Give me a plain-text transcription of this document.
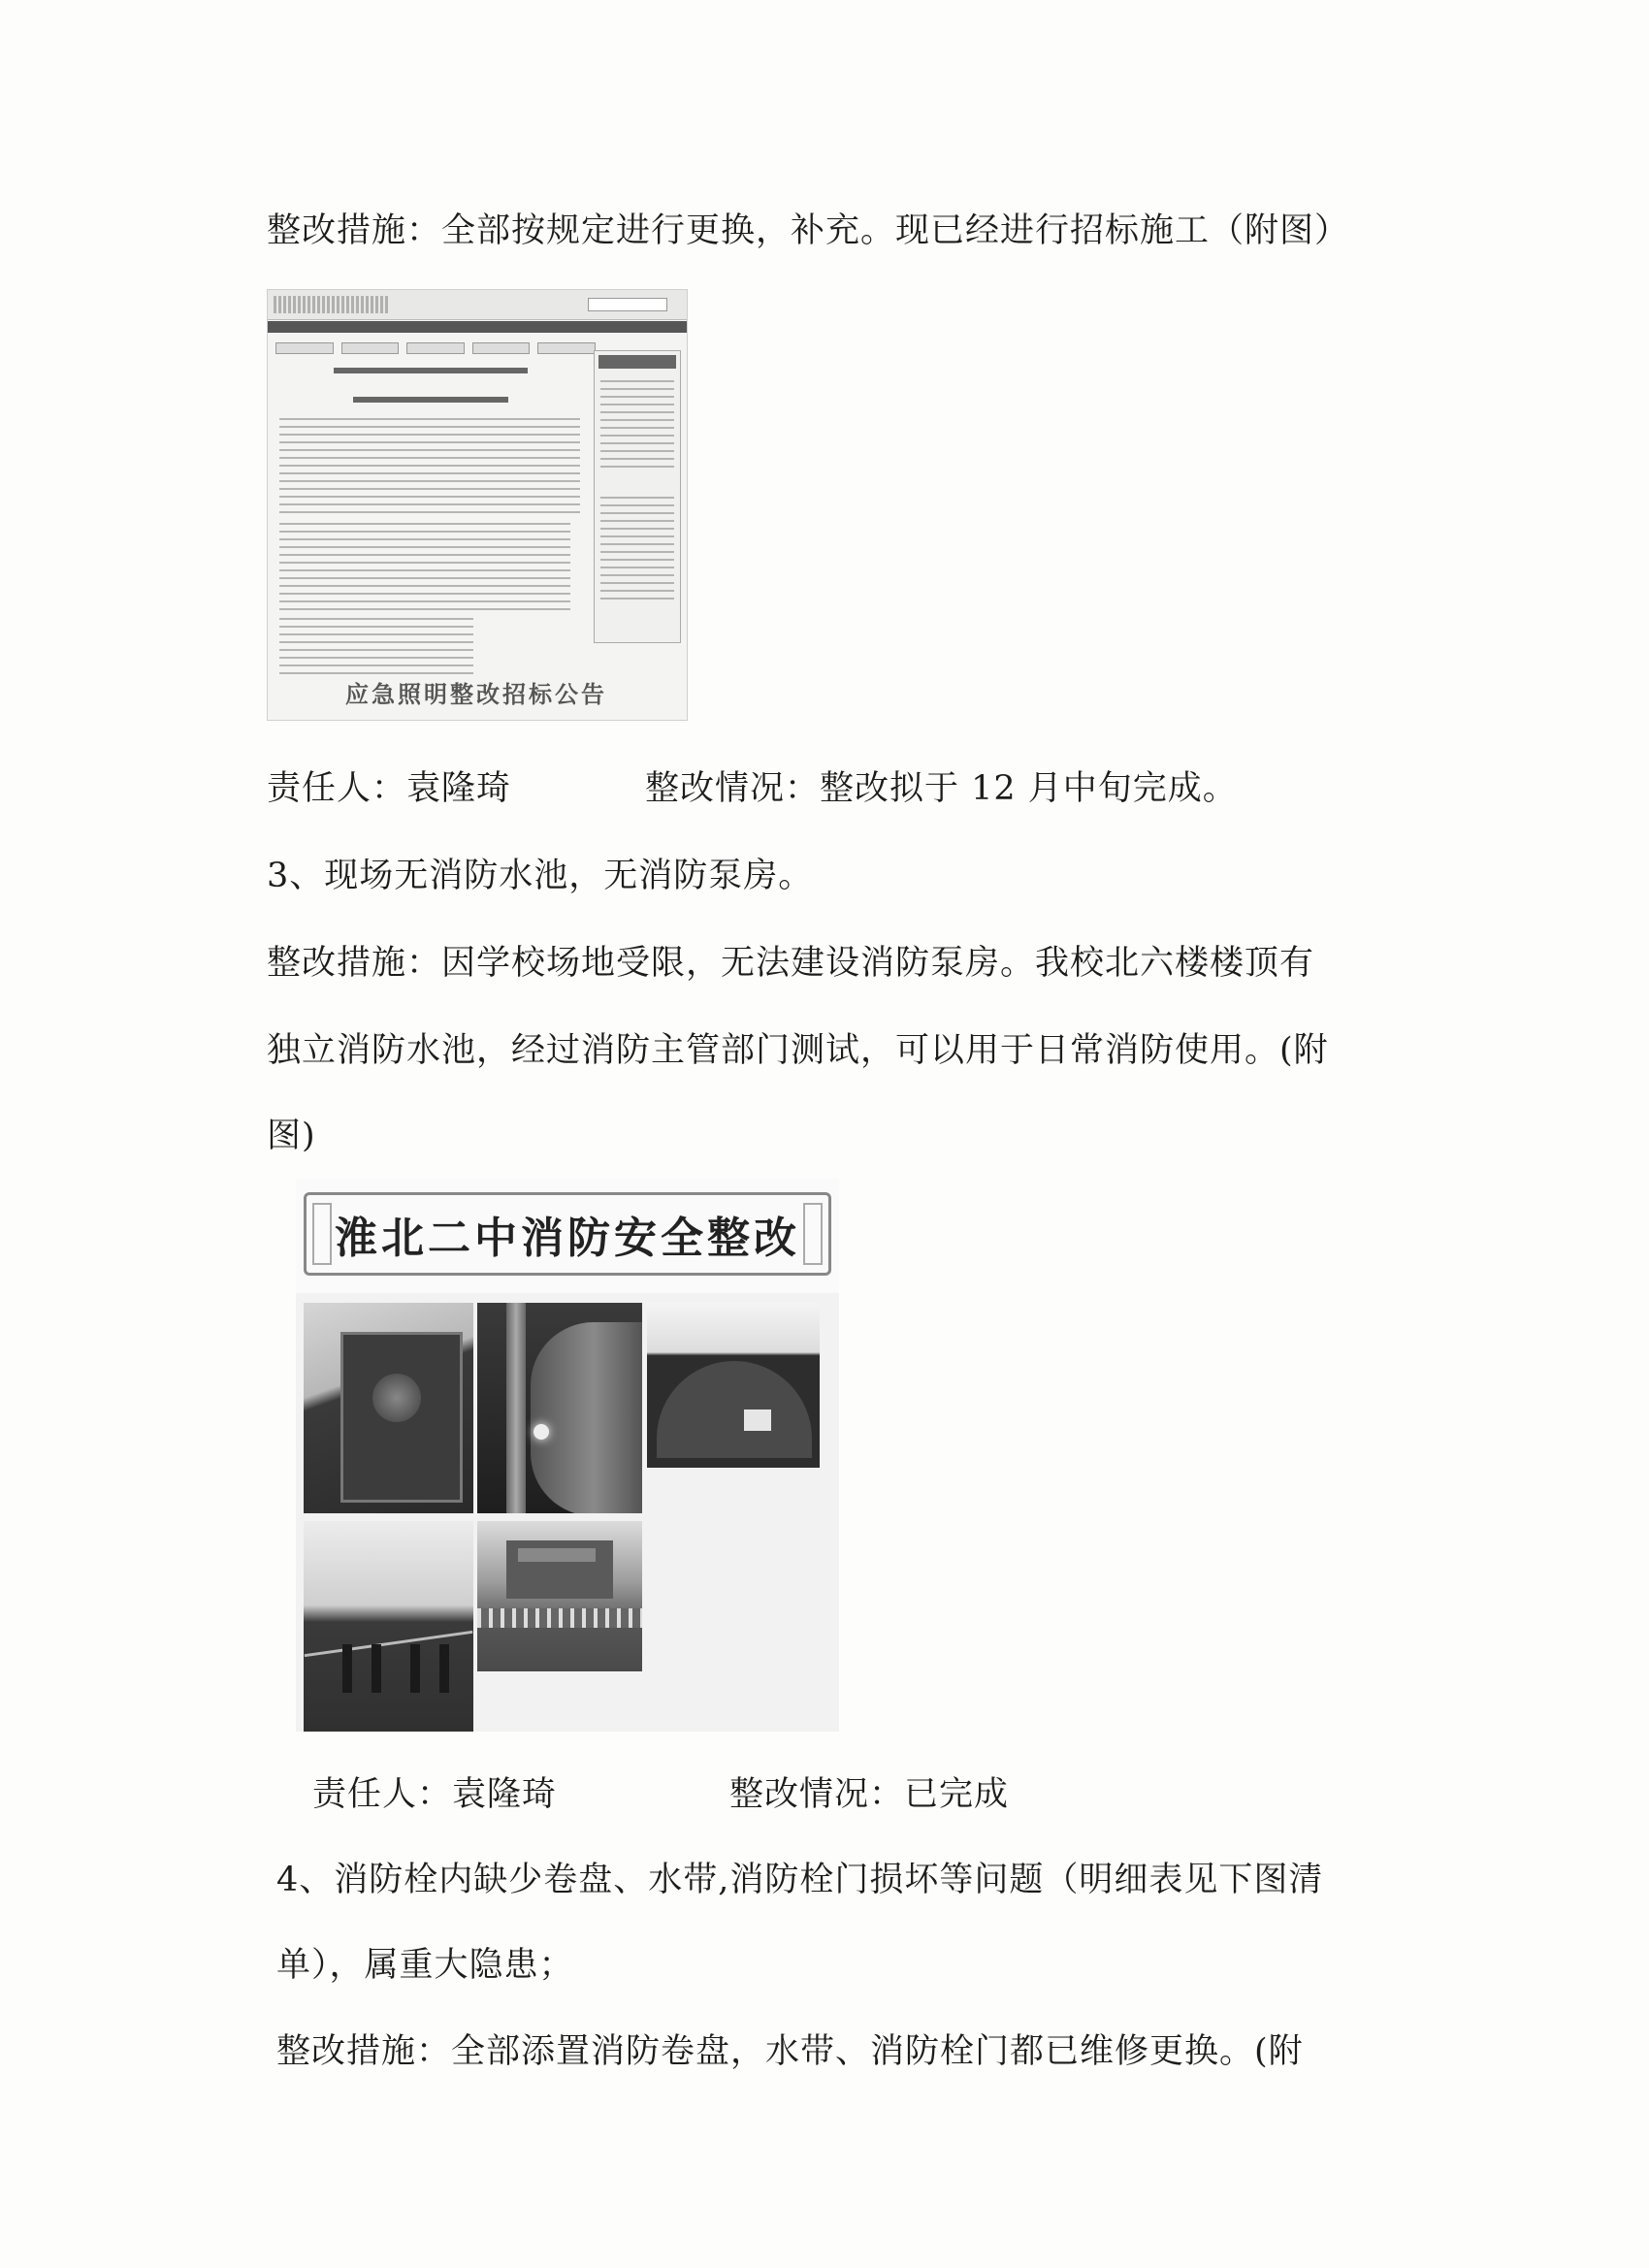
整改措施：全部按规定进行更换，补充。现已经进行招标施工（附图）
应急照明整改招标公告
责任人：袁隆琦	整改情况：整改拟于 12 月中旬完成。
3、现场无消防水池，无消防泵房。
整改措施：因学校场地受限，无法建设消防泵房。我校北六楼楼顶有
独立消防水池，经过消防主管部门测试，可以用于日常消防使用。(附
图)
淮北二中消防安全整改
责任人：袁隆琦	整改情况：已完成
4、消防栓内缺少卷盘、水带,消防栓门损坏等问题（明细表见下图清
单），属重大隐患；
整改措施：全部添置消防卷盘，水带、消防栓门都已维修更换。(附
